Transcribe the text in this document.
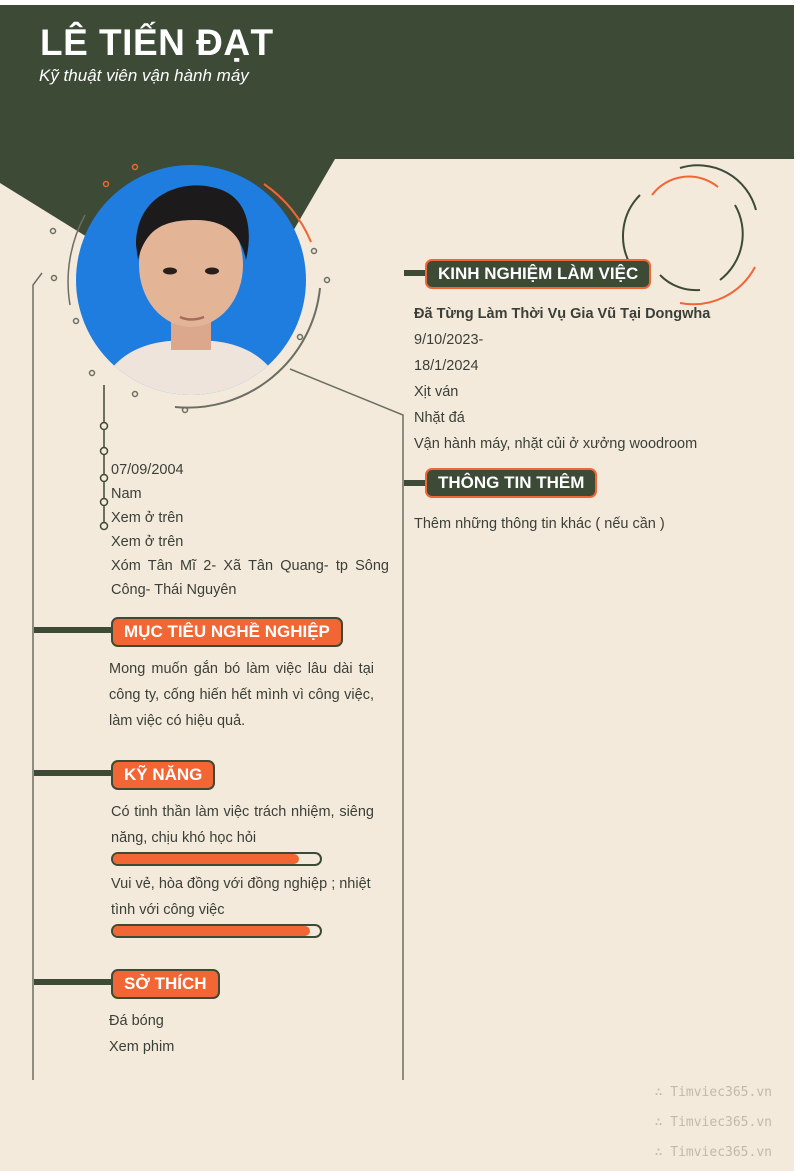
LÊ TIẾN ĐẠT
Kỹ thuật viên vận hành máy
07/09/2004
Nam
Xem ở trên
Xem ở trên
Xóm Tân Mĩ 2- Xã Tân Quang- tp Sông Công- Thái Nguyên
MỤC TIÊU NGHỀ NGHIỆP
Mong muốn gắn bó làm việc lâu dài tại công ty, cống hiến hết mình vì công việc, làm việc có hiệu quả.
KỸ NĂNG
Có tinh thần làm việc trách nhiệm, siêng năng, chịu khó học hỏi
Vui vẻ, hòa đồng với đồng nghiệp ; nhiệt tình với công việc
SỞ THÍCH
Đá bóng
Xem phim
KINH NGHIỆM LÀM VIỆC
Đã Từng Làm Thời Vụ Gia Vũ Tại Dongwha
9/10/2023-
18/1/2024
Xịt ván
Nhặt đá
Vận hành máy, nhặt củi ở xưởng woodroom
THÔNG TIN THÊM
Thêm những thông tin khác ( nếu cần )
∴ Timviec365.vn
∴ Timviec365.vn
∴ Timviec365.vn
